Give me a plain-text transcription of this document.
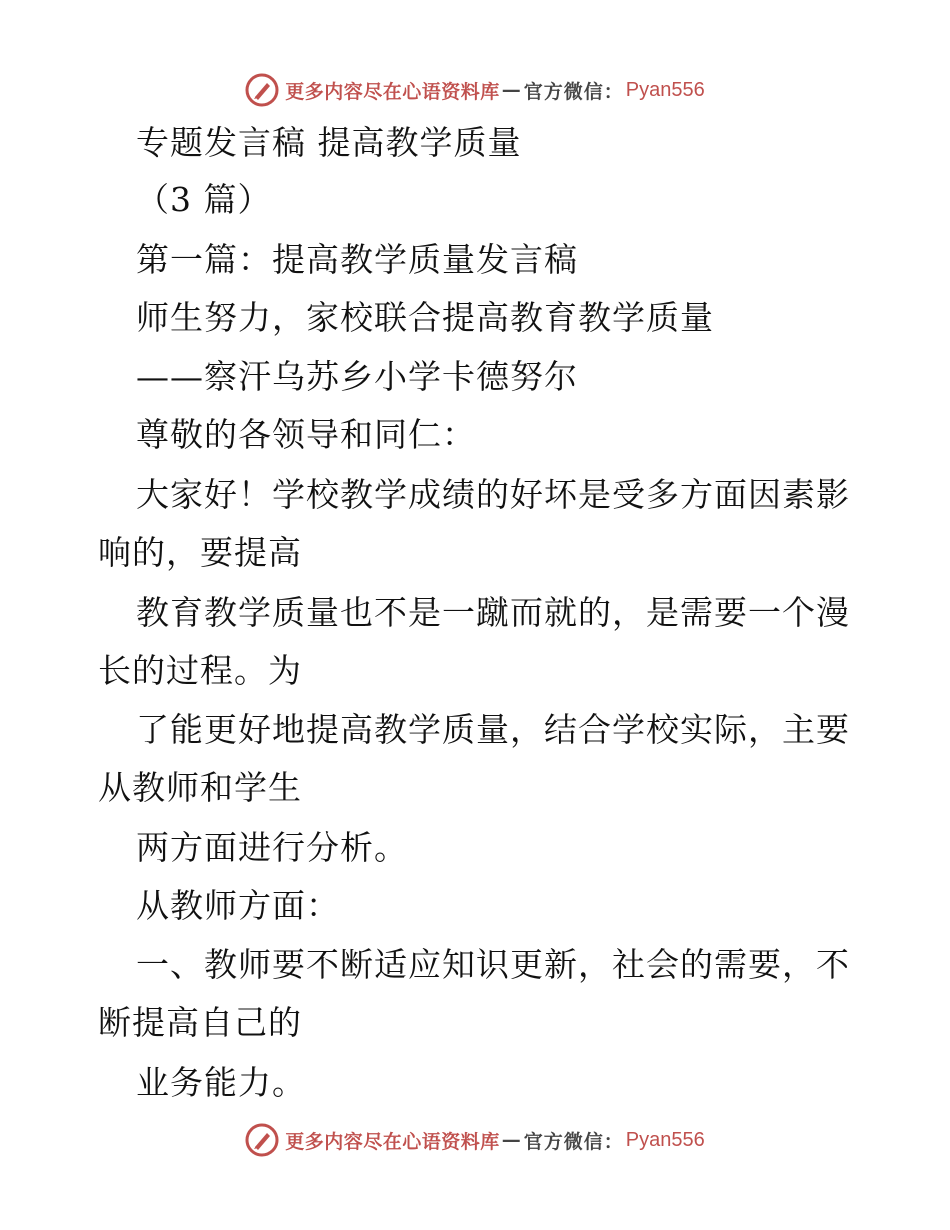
更多内容尽在心语资料库 — 官方微信： Pyan556
专题发言稿 提高教学质量
（3 篇）
第一篇：提高教学质量发言稿
师生努力，家校联合提高教育教学质量
——察汗乌苏乡小学卡德努尔
尊敬的各领导和同仁：
大家好！学校教学成绩的好坏是受多方面因素影
响的，要提高
教育教学质量也不是一蹴而就的，是需要一个漫
长的过程。为
了能更好地提高教学质量，结合学校实际，主要
从教师和学生
两方面进行分析。
从教师方面：
一、教师要不断适应知识更新，社会的需要，不
断提高自己的
业务能力。
更多内容尽在心语资料库 — 官方微信： Pyan556
